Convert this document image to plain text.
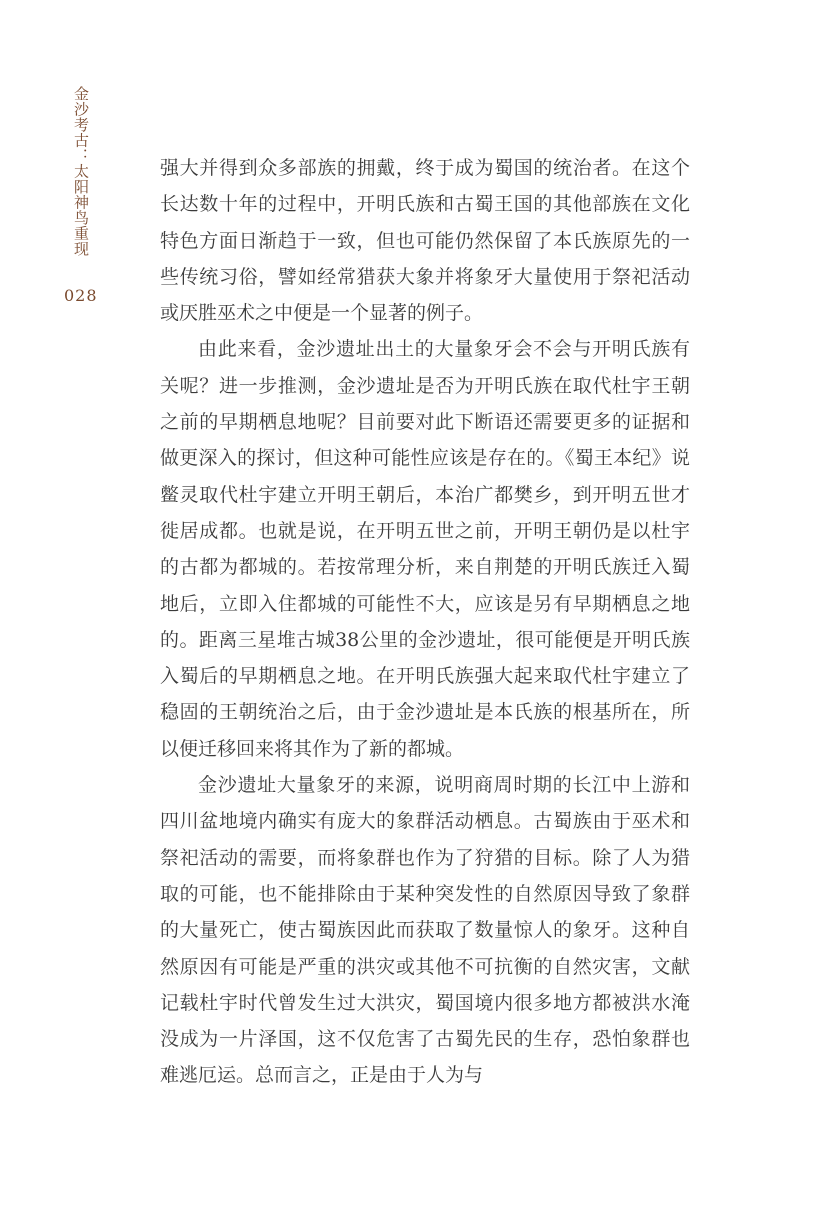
金沙考古：太阳神鸟重现
028

强大并得到众多部族的拥戴，终于成为蜀国的统治者。在这个长达数十年的过程中，开明氏族和古蜀王国的其他部族在文化特色方面日渐趋于一致，但也可能仍然保留了本氏族原先的一些传统习俗，譬如经常猎获大象并将象牙大量使用于祭祀活动或厌胜巫术之中便是一个显著的例子。

由此来看，金沙遗址出土的大量象牙会不会与开明氏族有关呢？进一步推测，金沙遗址是否为开明氏族在取代杜宇王朝之前的早期栖息地呢？目前要对此下断语还需要更多的证据和做更深入的探讨，但这种可能性应该是存在的。《蜀王本纪》说鳖灵取代杜宇建立开明王朝后，本治广都樊乡，到开明五世才徙居成都。也就是说，在开明五世之前，开明王朝仍是以杜宇的古都为都城的。若按常理分析，来自荆楚的开明氏族迁入蜀地后，立即入住都城的可能性不大，应该是另有早期栖息之地的。距离三星堆古城38公里的金沙遗址，很可能便是开明氏族入蜀后的早期栖息之地。在开明氏族强大起来取代杜宇建立了稳固的王朝统治之后，由于金沙遗址是本氏族的根基所在，所以便迁移回来将其作为了新的都城。

金沙遗址大量象牙的来源，说明商周时期的长江中上游和四川盆地境内确实有庞大的象群活动栖息。古蜀族由于巫术和祭祀活动的需要，而将象群也作为了狩猎的目标。除了人为猎取的可能，也不能排除由于某种突发性的自然原因导致了象群的大量死亡，使古蜀族因此而获取了数量惊人的象牙。这种自然原因有可能是严重的洪灾或其他不可抗衡的自然灾害，文献记载杜宇时代曾发生过大洪灾，蜀国境内很多地方都被洪水淹没成为一片泽国，这不仅危害了古蜀先民的生存，恐怕象群也难逃厄运。总而言之，正是由于人为与
